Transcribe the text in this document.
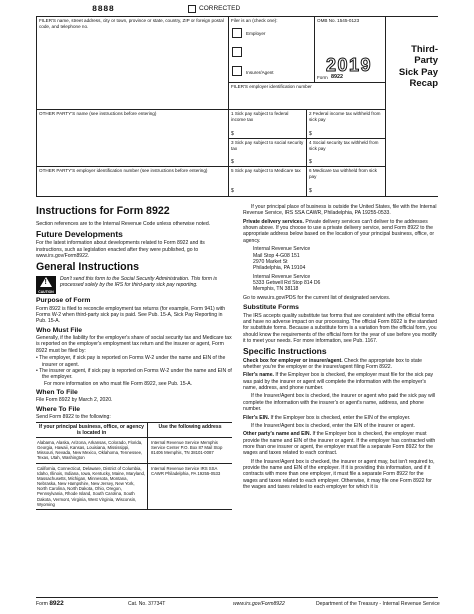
8888	CORRECTED
FILER'S name, street address, city or town, province or state, country, ZIP or foreign postal code, and telephone no.
Filer is an (check one):
Employer
Insurer/Agent
OMB No. 1545-0123
2019
Form 8922
Third-Party
Sick Pay
Recap
FILER'S employer identification number
OTHER PARTY'S name (see instructions before entering)
OTHER PARTY'S employer identification number (see instructions before entering)
1 Sick pay subject to federal income tax
$
2 Federal income tax withheld from sick pay
$
3 Sick pay subject to social security tax
$
4 Social security tax withheld from sick pay
$
5 Sick pay subject to Medicare tax
$
6 Medicare tax withheld from sick pay
$
Instructions for Form 8922

Section references are to the Internal Revenue Code unless otherwise noted.

Future Developments

For the latest information about developments related to Form 8922 and its instructions, such as legislation enacted after they were published, go to www.irs.gov/Form8922.

General Instructions
!
CAUTION

Don't send this form to the Social Security Administration. This form is processed solely by the IRS for third-party sick pay reporting.

Purpose of Form

Form 8922 is filed to reconcile employment tax returns (for example, Form 941) with Forms W-2 when third-party sick pay is paid. See Pub. 15-A, Sick Pay Reporting in Pub. 15-A.

Who Must File

Generally, if the liability for the employer's share of social security tax and Medicare tax is reported on the employer's employment tax return and the insurer or agent, Form 8922 must be filed by:

• The employer, if sick pay is reported on Forms W-2 under the name and EIN of the insurer or agent.
• The insurer or agent, if sick pay is reported on Forms W-2 under the name and EIN of the employer.

For more information on who must file Form 8922, see Pub. 15-A.

When To File

File Form 8922 by March 2, 2020.

Where To File

Send Form 8922 to the following:

If your principal business, office, or agency is located in
Use the following address
Alabama, Alaska, Arizona, Arkansas, Colorado, Florida, Georgia, Hawaii, Kansas, Louisiana, Mississippi, Missouri, Nevada, New Mexico, Oklahoma, Tennessee, Texas, Utah, Washington
Internal Revenue Service Memphis Service Center P.O. Box 87 Mail Stop 81406 Memphis, TN 38101-0087
California, Connecticut, Delaware, District of Columbia, Idaho, Illinois, Indiana, Iowa, Kentucky, Maine, Maryland, Massachusetts, Michigan, Minnesota, Montana, Nebraska, New Hampshire, New Jersey, New York, North Carolina, North Dakota, Ohio, Oregon, Pennsylvania, Rhode Island, South Carolina, South Dakota, Vermont, Virginia, West Virginia, Wisconsin, Wyoming
Internal Revenue Service IRS SSA CAWR Philadelphia, PA 19255-0533

If your principal place of business is outside the United States, file with the Internal Revenue Service, IRS SSA CAWR, Philadelphia, PA 19255-0533.

Private delivery services. Private delivery services can't deliver to the addresses shown above. If you choose to use a private delivery service, send Form 8922 to the appropriate address below based on the location of your principal business, office, or agency.

Internal Revenue Service
Mail Stop 4-G08 151
2970 Market St
Philadelphia, PA 19104

Internal Revenue Service
5333 Getwell Rd Stop 814 D6
Memphis, TN 38118

Go to www.irs.gov/PDS for the current list of designated services.

Substitute Forms

The IRS accepts quality substitute tax forms that are consistent with the official forms and have no adverse impact on our processing. The official Form 8922 is the standard for substitute forms. Because a substitute form is a variation from the official form, you should know the requirements of the official form for the year of use before you modify it to meet your needs. For more information, see Pub. 1167.

Specific Instructions

Check box for employer or insurer/agent. Check the appropriate box to state whether you're the employer or the insurer/agent filing Form 8922.

Filer's name. If the Employer box is checked, the employer must file for the sick pay was paid by the insurer or agent will complete the information with the employer's name, address, and phone number.

If the Insurer/Agent box is checked, the insurer or agent who paid the sick pay will complete the information with the insurer's or agent's name, address, and phone number.

Filer's EIN. If the Employer box is checked, enter the EIN of the employer.

If the Insurer/Agent box is checked, enter the EIN of the insurer or agent.

Other party's name and EIN. If the Employer box is checked, the employer must provide the name and EIN of the insurer or agent. If the employer has contracted with more than one insurer or agent, the employer must file a separate Form 8922 for the wages and taxes related to each contract.

If the Insurer/Agent box is checked, the insurer or agent may, but isn't required to, provide the name and EIN of the employer. If it is providing this information, and if it contracts with more than one employer, it must file a separate Form 8922 for the wages and taxes related to each employer. Otherwise, it may file one Form 8922 for the wages and taxes related to each employer for which it is

Form 8922	Cat. No. 37734T	www.irs.gov/Form8922	Department of the Treasury - Internal Revenue Service
